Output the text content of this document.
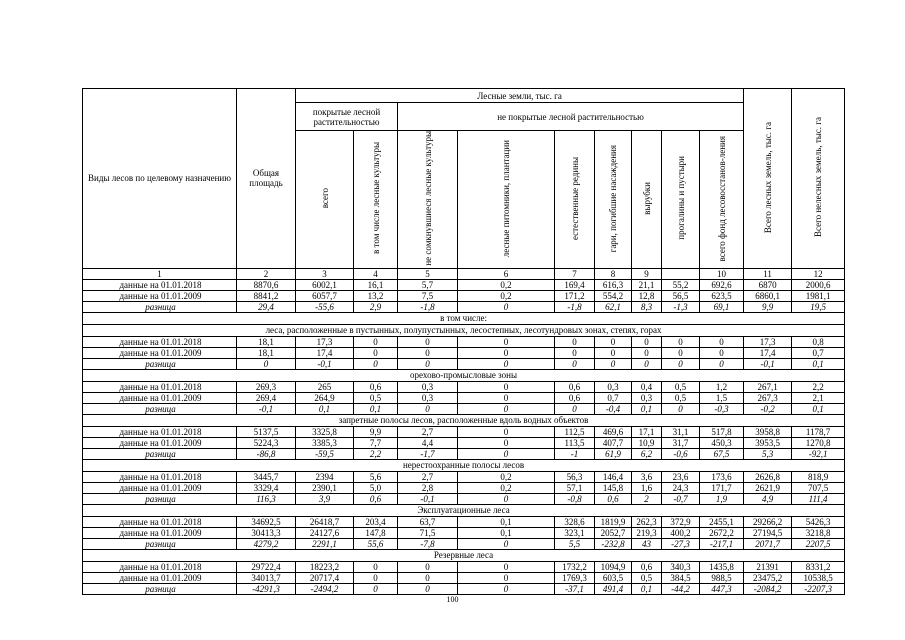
Виды лесов по целевому назначению	Общая площадь	Лесные земли, тыс. га									Всего лесных земель, тыс. га	Всего нелесных земель, тыс. га
		покрытые лесной растительностью		не покрытые лесной растительностью								
		всего	в том числе лесные культуры	не сомкнувшиеся лесные культуры	лесные питомники, плантации	естественные редины	гари, погибшие насаждения	вырубки	прогалины и пустыри	всего фонд лесовосстанов-ления		
1	2	3	4	5	6	7	8	9		10	11	12
данные на 01.01.2018	8870,6	6002,1	16,1	5,7	0,2	169,4	616,3	21,1	55,2	692,6	6870	2000,6
данные на 01.01.2009	8841,2	6057,7	13,2	7,5	0,2	171,2	554,2	12,8	56,5	623,5	6860,1	1981,1
разница	29,4	-55,6	2,9	-1,8	0	-1,8	62,1	8,3	-1,3	69,1	9,9	19,5
в том числе:												
леса, расположенные в пустынных, полупустынных, лесостепных, лесотундровых зонах, степях, горах												
данные на 01.01.2018	18,1	17,3	0	0	0	0	0	0	0	0	17,3	0,8
данные на 01.01.2009	18,1	17,4	0	0	0	0	0	0	0	0	17,4	0,7
разница	0	-0,1	0	0	0	0	0	0	0	0	-0,1	0,1
орехово-промысловые зоны												
данные на 01.01.2018	269,3	265	0,6	0,3	0	0,6	0,3	0,4	0,5	1,2	267,1	2,2
данные на 01.01.2009	269,4	264,9	0,5	0,3	0	0,6	0,7	0,3	0,5	1,5	267,3	2,1
разница	-0,1	0,1	0,1	0	0	0	-0,4	0,1	0	-0,3	-0,2	0,1
запретные полосы лесов, расположенные вдоль водных объектов												
данные на 01.01.2018	5137,5	3325,8	9,9	2,7	0	112,5	469,6	17,1	31,1	517,8	3958,8	1178,7
данные на 01.01.2009	5224,3	3385,3	7,7	4,4	0	113,5	407,7	10,9	31,7	450,3	3953,5	1270,8
разница	-86,8	-59,5	2,2	-1,7	0	-1	61,9	6,2	-0,6	67,5	5,3	-92,1
нерестоохранные полосы лесов												
данные на 01.01.2018	3445,7	2394	5,6	2,7	0,2	56,3	146,4	3,6	23,6	173,6	2626,8	818,9
данные на 01.01.2009	3329,4	2390,1	5,0	2,8	0,2	57,1	145,8	1,6	24,3	171,7	2621,9	707,5
разница	116,3	3,9	0,6	-0,1	0	-0,8	0,6	2	-0,7	1,9	4,9	111,4
Эксплуатационные леса												
данные на 01.01.2018	34692,5	26418,7	203,4	63,7	0,1	328,6	1819,9	262,3	372,9	2455,1	29266,2	5426,3
данные на 01.01.2009	30413,3	24127,6	147,8	71,5	0,1	323,1	2052,7	219,3	400,2	2672,2	27194,5	3218,8
разница	4279,2	2291,1	55,6	-7,8	0	5,5	-232,8	43	-27,3	-217,1	2071,7	2207,5
Резервные леса												
данные на 01.01.2018	29722,4	18223,2	0	0	0	1732,2	1094,9	0,6	340,3	1435,8	21391	8331,2
данные на 01.01.2009	34013,7	20717,4	0	0	0	1769,3	603,5	0,5	384,5	988,5	23475,2	10538,5
разница	-4291,3	-2494,2	0	0	0	-37,1	491,4	0,1	-44,2	447,3	-2084,2	-2207,3
100
